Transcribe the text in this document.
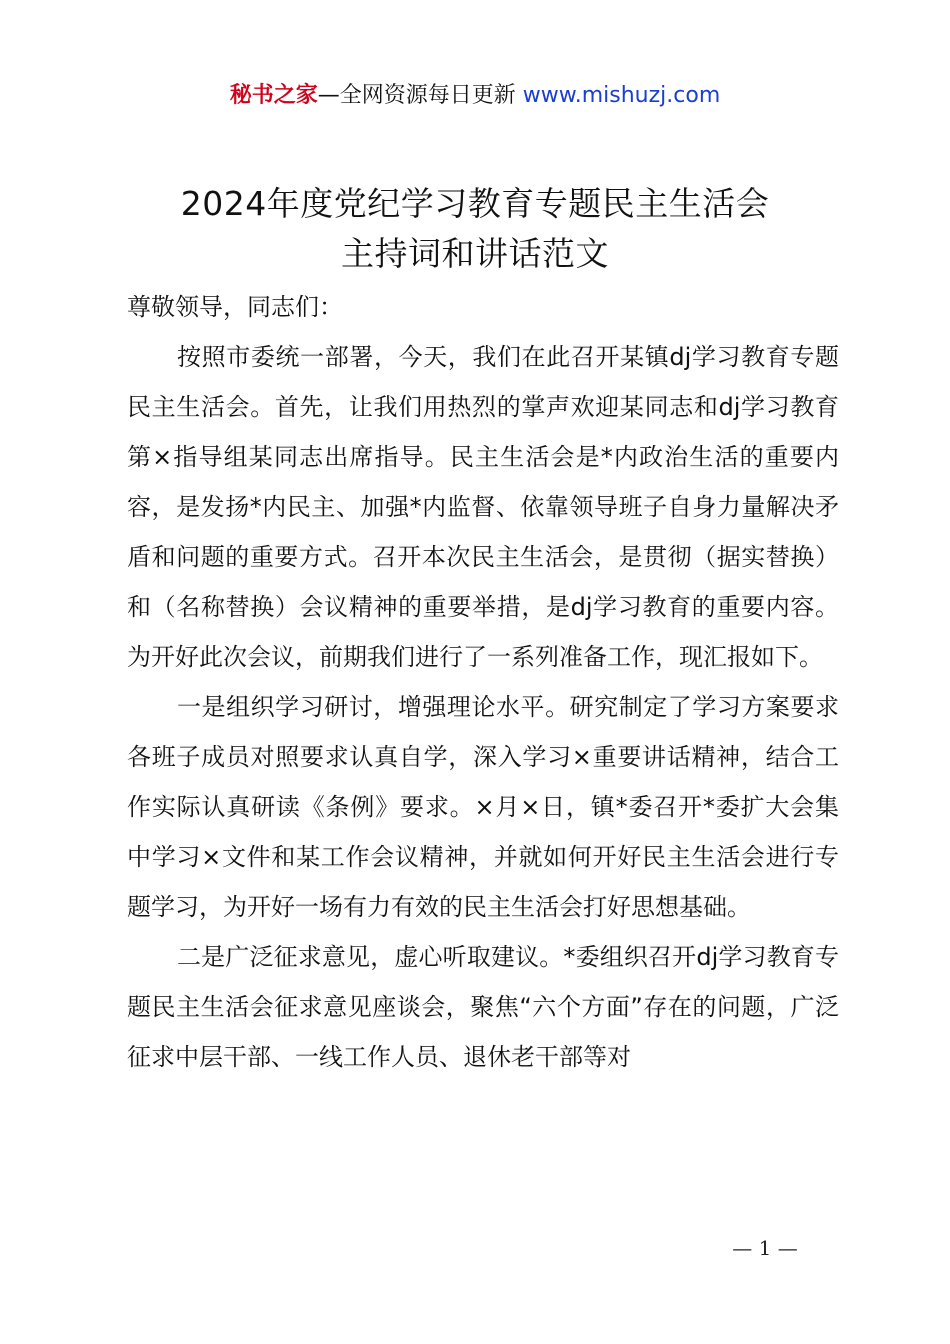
秘书之家—全网资源每日更新 www.mishuzj.com
2024年度党纪学习教育专题民主生活会
主持词和讲话范文

尊敬领导，同志们：

按照市委统一部署，今天，我们在此召开某镇dj学习教育专题民主生活会。首先，让我们用热烈的掌声欢迎某同志和dj学习教育第×指导组某同志出席指导。民主生活会是*内政治生活的重要内容，是发扬*内民主、加强*内监督、依靠领导班子自身力量解决矛盾和问题的重要方式。召开本次民主生活会，是贯彻（据实替换）和（名称替换）会议精神的重要举措，是dj学习教育的重要内容。为开好此次会议，前期我们进行了一系列准备工作，现汇报如下。

一是组织学习研讨，增强理论水平。研究制定了学习方案要求各班子成员对照要求认真自学，深入学习×重要讲话精神，结合工作实际认真研读《条例》要求。×月×日，镇*委召开*委扩大会集中学习×文件和某工作会议精神，并就如何开好民主生活会进行专题学习，为开好一场有力有效的民主生活会打好思想基础。

二是广泛征求意见，虚心听取建议。*委组织召开dj学习教育专题民主生活会征求意见座谈会，聚焦“六个方面”存在的问题，广泛征求中层干部、一线工作人员、退休老干部等对

— 1 —
